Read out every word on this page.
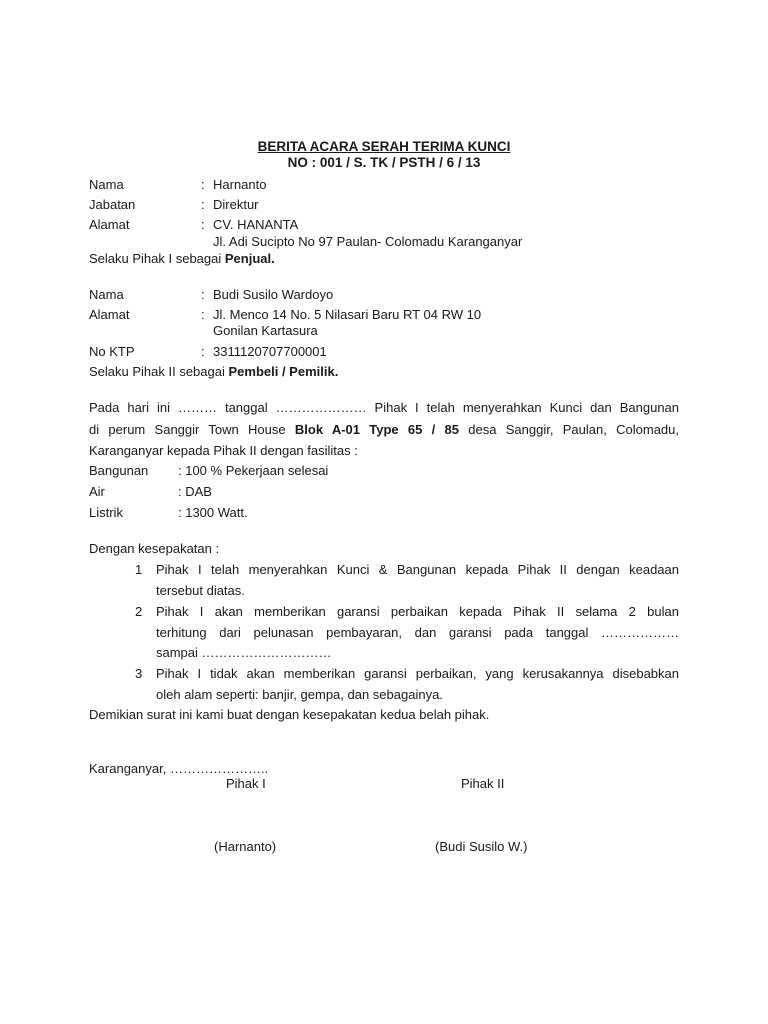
BERITA ACARA SERAH TERIMA KUNCI
NO : 001 / S. TK / PSTH / 6 / 13
Nama	: Harnanto
Jabatan	: Direktur
Alamat	: CV. HANANTA
Jl. Adi Sucipto No 97 Paulan- Colomadu Karanganyar
Selaku Pihak I sebagai Penjual.
Nama	: Budi Susilo Wardoyo
Alamat	: Jl. Menco 14 No. 5 Nilasari Baru RT 04 RW 10
Gonilan Kartasura
No KTP	: 3311120707700001
Selaku Pihak II sebagai Pembeli / Pemilik.
Pada hari ini ……… tanggal ………………… Pihak I telah menyerahkan Kunci dan Bangunan
di perum Sanggir Town House Blok A-01 Type 65 / 85 desa Sanggir, Paulan, Colomadu,
Karanganyar kepada Pihak II dengan fasilitas :
Bangunan : 100 % Pekerjaan selesai
Air	: DAB
Listrik	: 1300 Watt.
Dengan kesepakatan :
1 Pihak I telah menyerahkan Kunci & Bangunan kepada Pihak II dengan keadaan
tersebut diatas.
2 Pihak I akan memberikan garansi perbaikan kepada Pihak II selama 2 bulan
terhitung dari pelunasan pembayaran, dan garansi pada tanggal ………………
sampai …………………………
3 Pihak I tidak akan memberikan garansi perbaikan, yang kerusakannya disebabkan
oleh alam seperti: banjir, gempa, dan sebagainya.
Demikian surat ini kami buat dengan kesepakatan kedua belah pihak.
Karanganyar, …………………..
Pihak I	Pihak II
(Harnanto)	(Budi Susilo W.)
